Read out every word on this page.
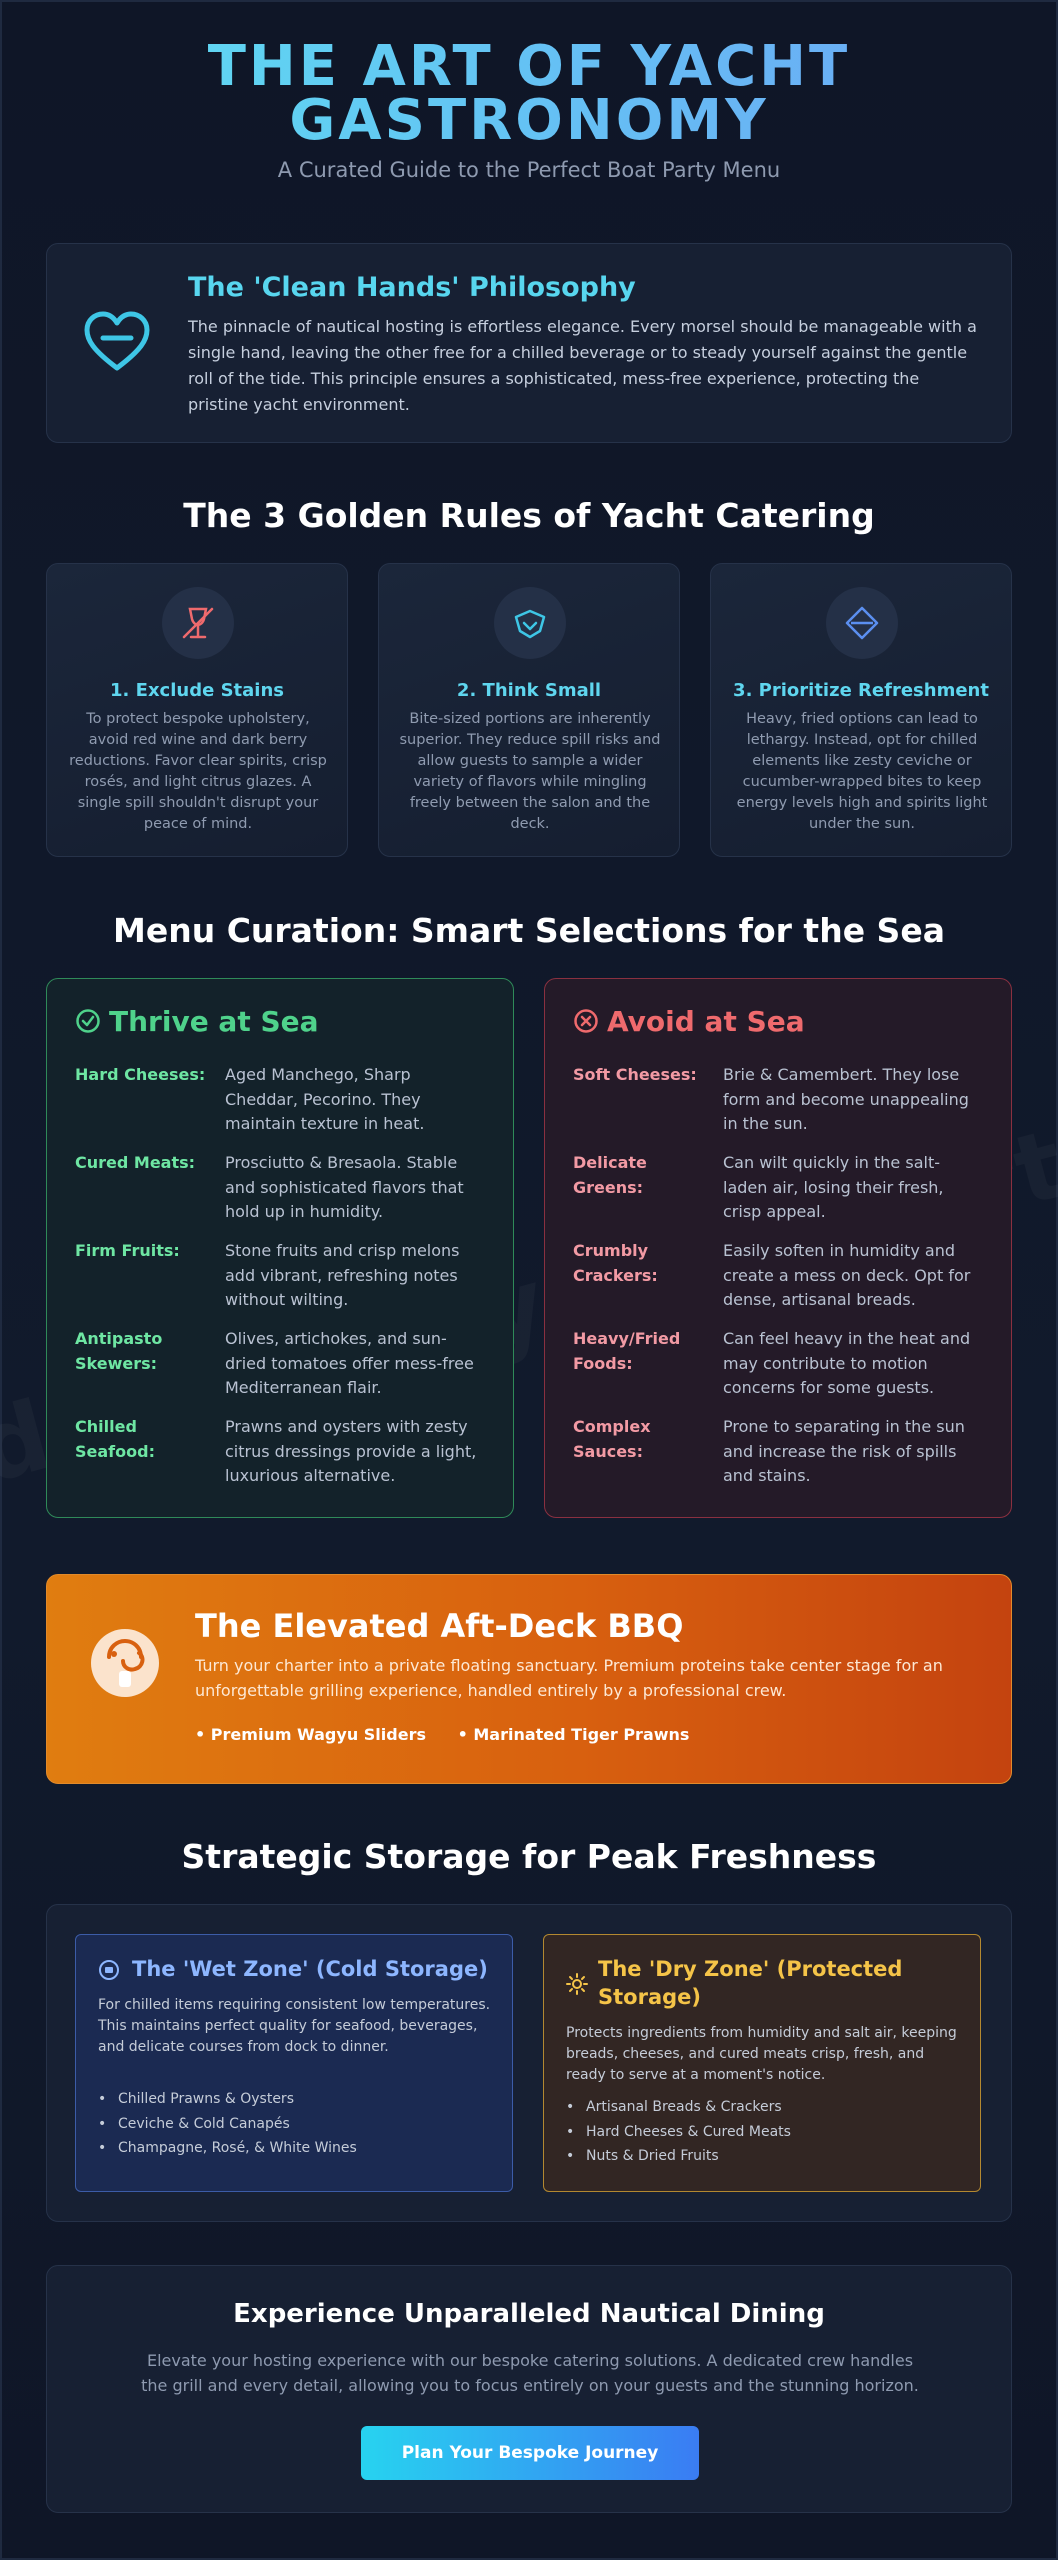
THE ART OF YACHT GASTRONOMY
A Curated Guide to the Perfect Boat Party Menu
The 'Clean Hands' Philosophy
The pinnacle of nautical hosting is effortless elegance. Every morsel should be manageable with a single hand, leaving the other free for a chilled beverage or to steady yourself against the gentle roll of the tide. This principle ensures a sophisticated, mess-free experience, protecting the pristine yacht environment.
The 3 Golden Rules of Yacht Catering
1. Exclude Stains
To protect bespoke upholstery, avoid red wine and dark berry reductions. Favor clear spirits, crisp rosés, and light citrus glazes. A single spill shouldn't disrupt your peace of mind.
2. Think Small
Bite-sized portions are inherently superior. They reduce spill risks and allow guests to sample a wider variety of flavors while mingling freely between the salon and the deck.
3. Prioritize Refreshment
Heavy, fried options can lead to lethargy. Instead, opt for chilled elements like zesty ceviche or cucumber-wrapped bites to keep energy levels high and spirits light under the sun.
Menu Curation: Smart Selections for the Sea
Thrive at Sea
Hard Cheeses:	Aged Manchego, Sharp Cheddar, Pecorino. They maintain texture in heat.
Cured Meats:	Prosciutto & Bresaola. Stable and sophisticated flavors that hold up in humidity.
Firm Fruits:	Stone fruits and crisp melons add vibrant, refreshing notes without wilting.
Antipasto Skewers:
Olives, artichokes, and sun-dried tomatoes offer mess-free Mediterranean flair.
Chilled Seafood:
Prawns and oysters with zesty citrus dressings provide a light, luxurious alternative.
Avoid at Sea
Soft Cheeses:	Brie & Camembert. They lose form and become unappealing in the sun.
Delicate Greens:
Can wilt quickly in the salt-laden air, losing their fresh, crisp appeal.
Crumbly Crackers:
Easily soften in humidity and create a mess on deck. Opt for dense, artisanal breads.
Heavy/Fried Foods:
Can feel heavy in the heat and may contribute to motion concerns for some guests.
Complex Sauces:
Prone to separating in the sun and increase the risk of spills and stains.
The Elevated Aft-Deck BBQ
Turn your charter into a private floating sanctuary. Premium proteins take center stage for an unforgettable grilling experience, handled entirely by a professional crew.
• Premium Wagyu Sliders • Marinated Tiger Prawns
Strategic Storage for Peak Freshness
The 'Wet Zone' (Cold Storage)
For chilled items requiring consistent low temperatures. This maintains perfect quality for seafood, beverages, and delicate courses from dock to dinner.
• Chilled Prawns & Oysters
• Ceviche & Cold Canapés
• Champagne, Rosé, & White Wines
The 'Dry Zone' (Protected Storage)
Protects ingredients from humidity and salt air, keeping breads, cheeses, and cured meats crisp, fresh, and ready to serve at a moment's notice.
• Artisanal Breads & Crackers
• Hard Cheeses & Cured Meats
• Nuts & Dried Fruits
Experience Unparalleled Nautical Dining
Elevate your hosting experience with our bespoke catering solutions. A dedicated crew handles the grill and every detail, allowing you to focus entirely on your guests and the stunning horizon.
Plan Your Bespoke Journey
